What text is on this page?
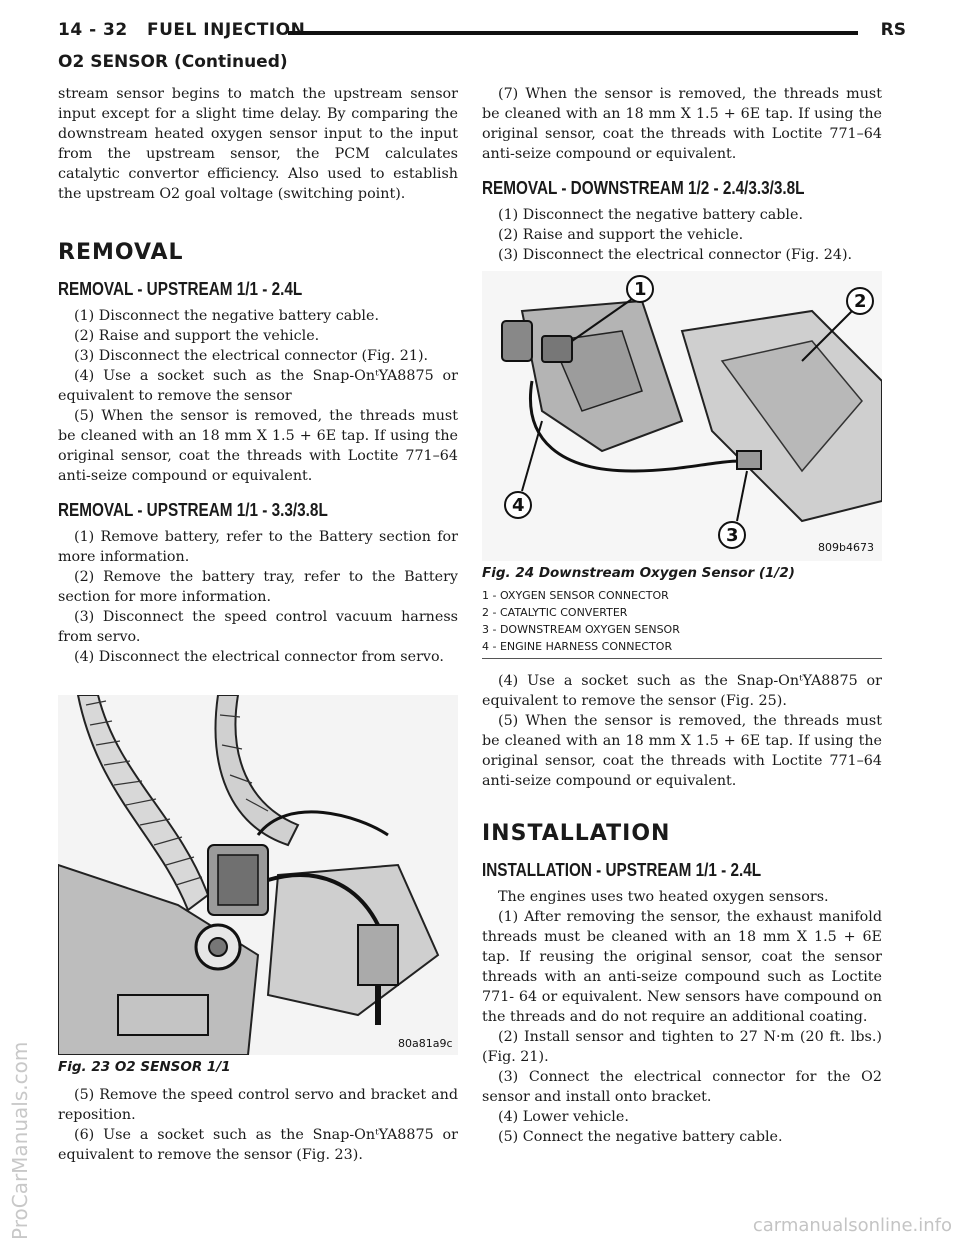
14 - 32 FUEL INJECTION	RS
O2 SENSOR (Continued)

stream sensor begins to match the upstream sensor input except for a slight time delay. By comparing the downstream heated oxygen sensor input to the input from the upstream sensor, the PCM calculates catalytic convertor efficiency. Also used to establish the upstream O2 goal voltage (switching point).

REMOVAL
REMOVAL - UPSTREAM 1/1 - 2.4L

(1) Disconnect the negative battery cable.

(2) Raise and support the vehicle.

(3) Disconnect the electrical connector (Fig. 21).

(4) Use a socket such as the Snap-OnᵗYA8875 or equivalent to remove the sensor

(5) When the sensor is removed, the threads must be cleaned with an 18 mm X 1.5 + 6E tap. If using the original sensor, coat the threads with Loctite 771–64 anti-seize compound or equivalent.

REMOVAL - UPSTREAM 1/1 - 3.3/3.8L

(1) Remove battery, refer to the Battery section for more information.

(2) Remove the battery tray, refer to the Battery section for more information.

(3) Disconnect the speed control vacuum harness from servo.

(4) Disconnect the electrical connector from servo.

80a81a9c
Fig. 23 O2 SENSOR 1/1

(5) Remove the speed control servo and bracket and reposition.

(6) Use a socket such as the Snap-OnᵗYA8875 or equivalent to remove the sensor (Fig. 23).

(7) When the sensor is removed, the threads must be cleaned with an 18 mm X 1.5 + 6E tap. If using the original sensor, coat the threads with Loctite 771–64 anti-seize compound or equivalent.

REMOVAL - DOWNSTREAM 1/2 - 2.4/3.3/3.8L

(1) Disconnect the negative battery cable.

(2) Raise and support the vehicle.

(3) Disconnect the electrical connector (Fig. 24).

1
2
3
4
809b4673
Fig. 24 Downstream Oxygen Sensor (1/2)
1 - OXYGEN SENSOR CONNECTOR
2 - CATALYTIC CONVERTER
3 - DOWNSTREAM OXYGEN SENSOR
4 - ENGINE HARNESS CONNECTOR

(4) Use a socket such as the Snap-OnᵗYA8875 or equivalent to remove the sensor (Fig. 25).

(5) When the sensor is removed, the threads must be cleaned with an 18 mm X 1.5 + 6E tap. If using the original sensor, coat the threads with Loctite 771–64 anti-seize compound or equivalent.

INSTALLATION
INSTALLATION - UPSTREAM 1/1 - 2.4L

The engines uses two heated oxygen sensors.

(1) After removing the sensor, the exhaust manifold threads must be cleaned with an 18 mm X 1.5 + 6E tap. If reusing the original sensor, coat the sensor threads with an anti-seize compound such as Loctite 771- 64 or equivalent. New sensors have compound on the threads and do not require an additional coating.

(2) Install sensor and tighten to 27 N·m (20 ft. lbs.) (Fig. 21).

(3) Connect the electrical connector for the O2 sensor and install onto bracket.

(4) Lower vehicle.

(5) Connect the negative battery cable.

ProCarManuals.com	carmanualsonline.info
